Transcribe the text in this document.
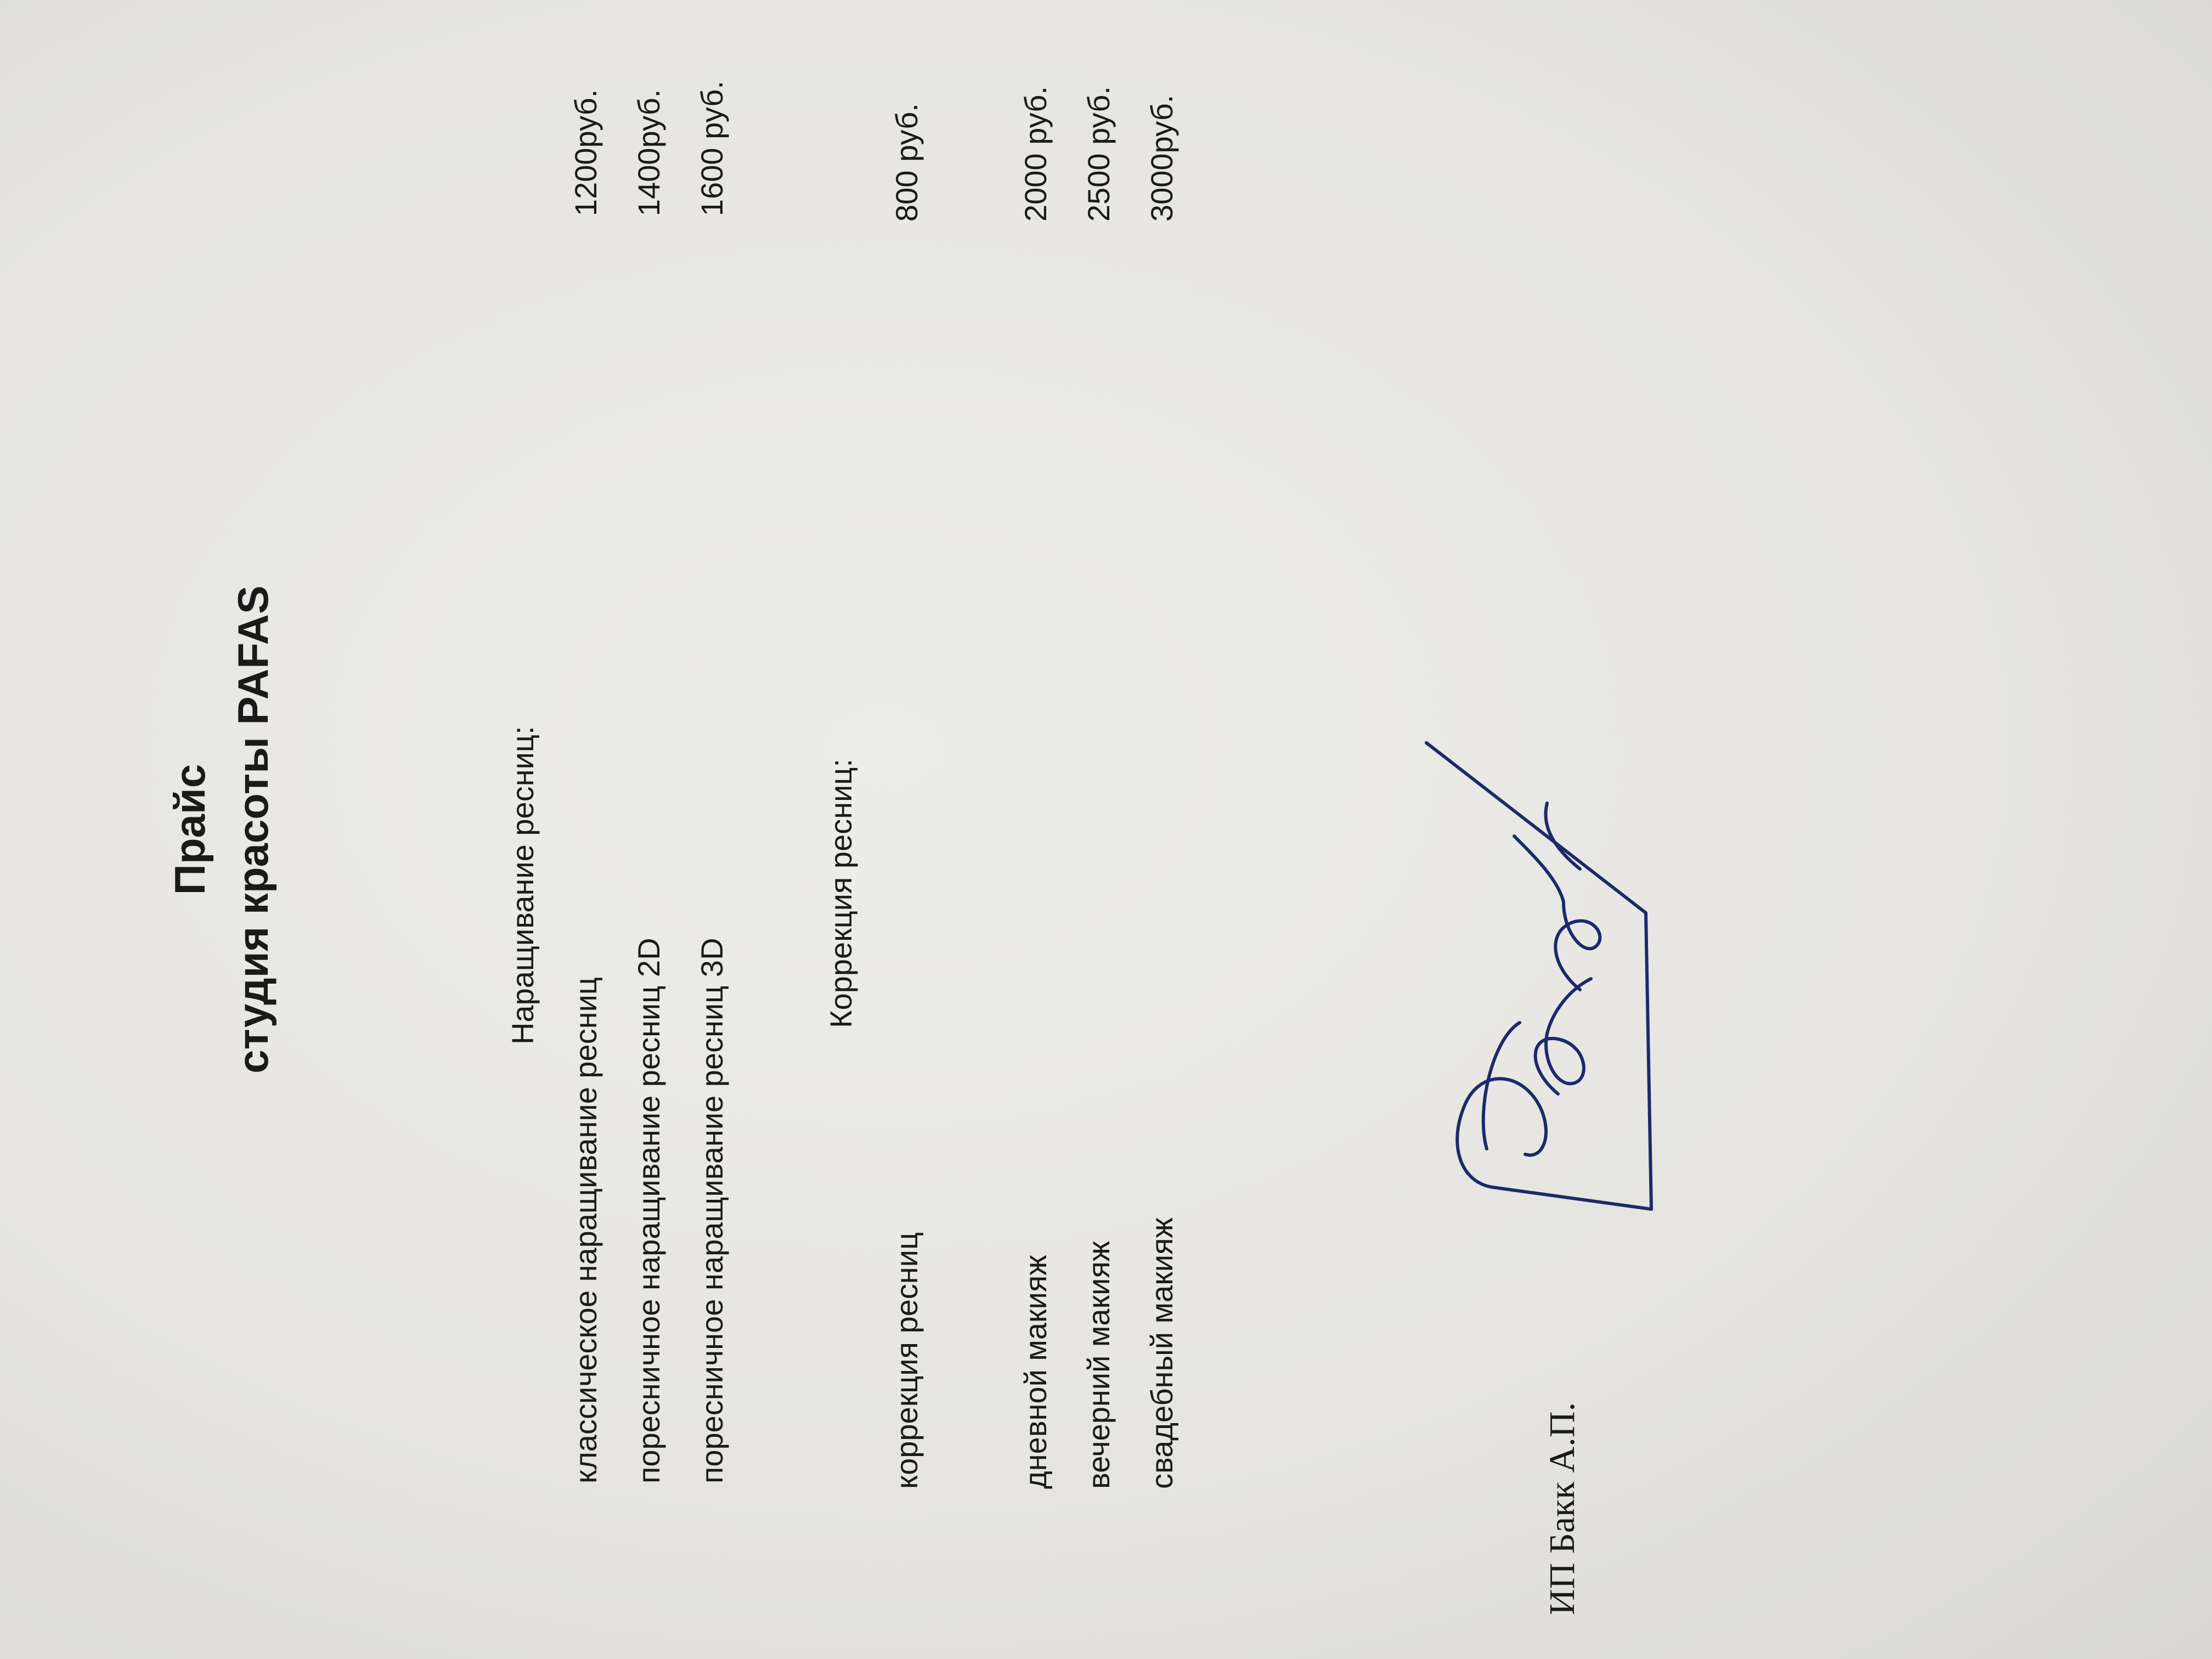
Прайс студия красоты PAFAS	Наращивание ресниц:
классическое наращивание ресниц
1200руб.
пореcничное наращивание ресниц 2D
1400руб.
пореcничное наращивание ресниц 3D
1600 руб.
Коррекция ресниц:
коррекция ресниц
800 руб.
дневной макияж
2000 руб.
вечерний макияж
2500 руб.
свадебный макияж
3000руб.
ИП Бакк А.П.
